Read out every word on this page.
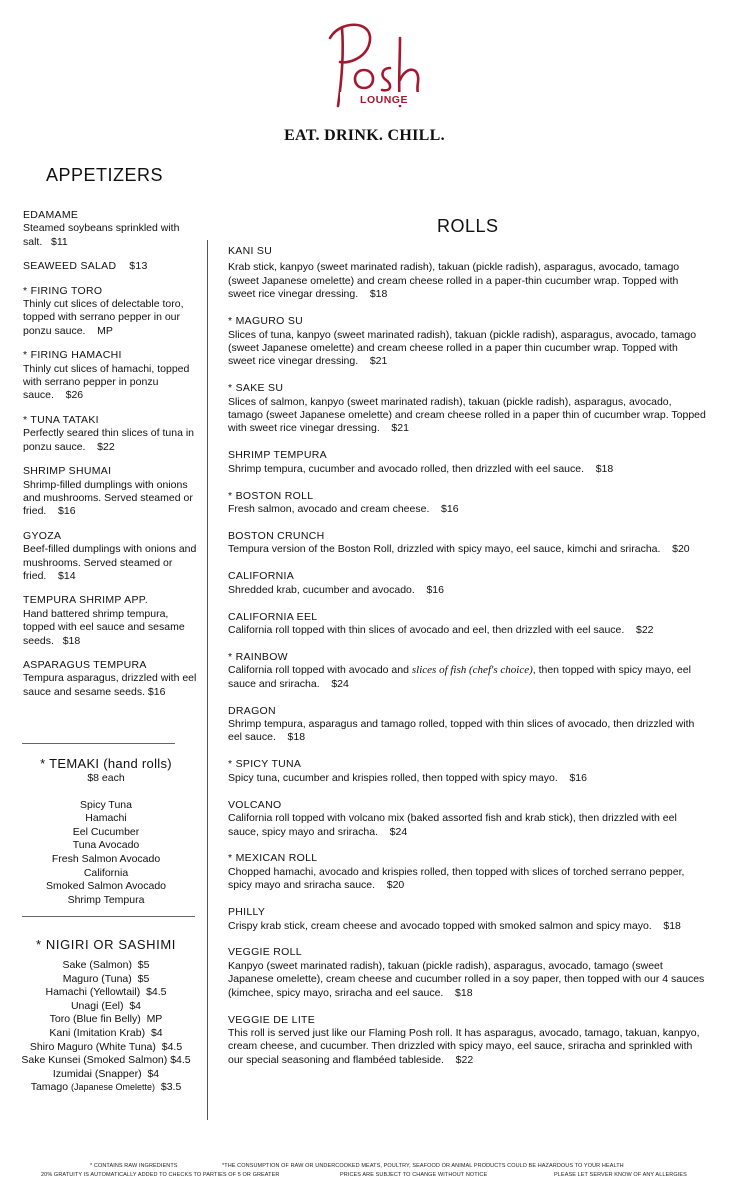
LOUNGE
EAT. DRINK. CHILL.
APPETIZERS
ROLLS
EDAMAME
Steamed soybeans sprinkled with salt. $11
SEAWEED SALAD $13
* FIRING TORO
Thinly cut slices of delectable toro, topped with serrano pepper in our ponzu sauce. MP
* FIRING HAMACHI
Thinly cut slices of hamachi, topped with serrano pepper in ponzu sauce. $26
* TUNA TATAKI
Perfectly seared thin slices of tuna in ponzu sauce. $22
SHRIMP SHUMAI
Shrimp-filled dumplings with onions and mushrooms. Served steamed or fried. $16
GYOZA
Beef-filled dumplings with onions and mushrooms. Served steamed or fried. $14
TEMPURA SHRIMP APP.
Hand battered shrimp tempura, topped with eel sauce and sesame seeds. $18
ASPARAGUS TEMPURA
Tempura asparagus, drizzled with eel sauce and sesame seeds. $16
* TEMAKI (hand rolls)
$8 each
Spicy Tuna
Hamachi
Eel Cucumber
Tuna Avocado
Fresh Salmon Avocado
California
Smoked Salmon Avocado
Shrimp Tempura
* NIGIRI OR SASHIMI
Sake (Salmon) $5
Maguro (Tuna) $5
Hamachi (Yellowtail) $4.5
Unagi (Eel) $4
Toro (Blue fin Belly) MP
Kani (Imitation Krab) $4
Shiro Maguro (White Tuna) $4.5
Sake Kunsei (Smoked Salmon) $4.5
Izumidai (Snapper) $4
Tamago (Japanese Omelette) $3.5
KANI SU
Krab stick, kanpyo (sweet marinated radish), takuan (pickle radish), asparagus, avocado, tamago (sweet Japanese omelette) and cream cheese rolled in a paper-thin cucumber wrap. Topped with sweet rice vinegar dressing. $18
* MAGURO SU
Slices of tuna, kanpyo (sweet marinated radish), takuan (pickle radish), asparagus, avocado, tamago (sweet Japanese omelette) and cream cheese rolled in a paper thin cucumber wrap. Topped with sweet rice vinegar dressing. $21
* SAKE SU
Slices of salmon, kanpyo (sweet marinated radish), takuan (pickle radish), asparagus, avocado, tamago (sweet Japanese omelette) and cream cheese rolled in a paper thin of cucumber wrap. Topped with sweet rice vinegar dressing. $21
SHRIMP TEMPURA
Shrimp tempura, cucumber and avocado rolled, then drizzled with eel sauce. $18
* BOSTON ROLL
Fresh salmon, avocado and cream cheese. $16
BOSTON CRUNCH
Tempura version of the Boston Roll, drizzled with spicy mayo, eel sauce, kimchi and sriracha. $20
CALIFORNIA
Shredded krab, cucumber and avocado. $16
CALIFORNIA EEL
California roll topped with thin slices of avocado and eel, then drizzled with eel sauce. $22
* RAINBOW
California roll topped with avocado and slices of fish (chef's choice), then topped with spicy mayo, eel sauce and sriracha. $24
DRAGON
Shrimp tempura, asparagus and tamago rolled, topped with thin slices of avocado, then drizzled with eel sauce. $18
* SPICY TUNA
Spicy tuna, cucumber and krispies rolled, then topped with spicy mayo. $16
VOLCANO
California roll topped with volcano mix (baked assorted fish and krab stick), then drizzled with eel sauce, spicy mayo and sriracha. $24
* MEXICAN ROLL
Chopped hamachi, avocado and krispies rolled, then topped with slices of torched serrano pepper, spicy mayo and sriracha sauce. $20
PHILLY
Crispy krab stick, cream cheese and avocado topped with smoked salmon and spicy mayo. $18
VEGGIE ROLL
Kanpyo (sweet marinated radish), takuan (pickle radish), asparagus, avocado, tamago (sweet Japanese omelette), cream cheese and cucumber rolled in a soy paper, then topped with our 4 sauces (kimchee, spicy mayo, sriracha and eel sauce. $18
VEGGIE DE LITE
This roll is served just like our Flaming Posh roll. It has asparagus, avocado, tamago, takuan, kanpyo, cream cheese, and cucumber. Then drizzled with spicy mayo, eel sauce, sriracha and sprinkled with our special seasoning and flambéed tableside. $22
* CONTAINS RAW INGREDIENTS	*THE CONSUMPTION OF RAW OR UNDERCOOKED MEATS, POULTRY, SEAFOOD OR ANIMAL PRODUCTS COULD BE HAZARDOUS TO YOUR HEALTH
20% GRATUITY IS AUTOMATICALLY ADDED TO CHECKS TO PARTIES OF 5 OR GREATER	PRICES ARE SUBJECT TO CHANGE WITHOUT NOTICE	PLEASE LET SERVER KNOW OF ANY ALLERGIES
